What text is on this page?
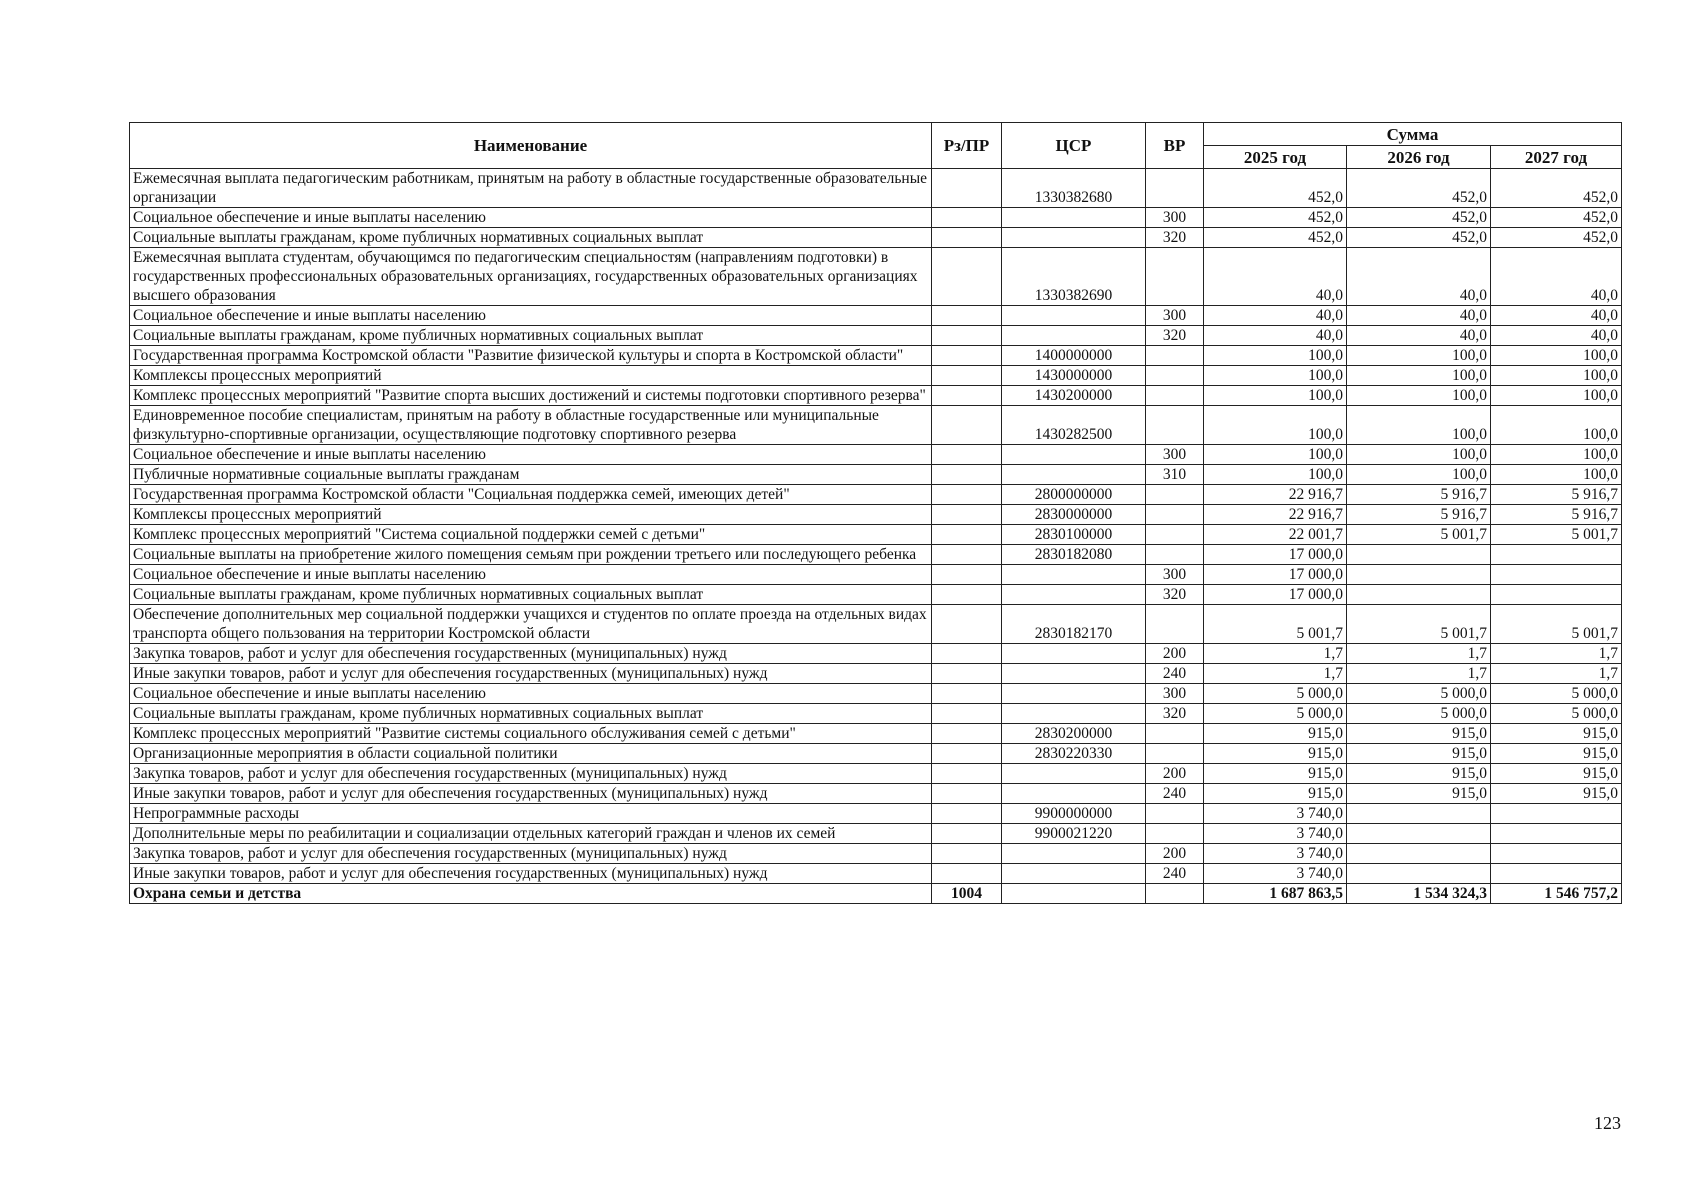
Наименование	Рз/ПР	ЦСР	ВР	Сумма		
				2025 год	2026 год	2027 год
Ежемесячная выплата педагогическим работникам, принятым на работу в областные государственные образовательные организации		1330382680		452,0	452,0	452,0
Социальное обеспечение и иные выплаты населению			300	452,0	452,0	452,0
Социальные выплаты гражданам, кроме публичных нормативных социальных выплат			320	452,0	452,0	452,0
Ежемесячная выплата студентам, обучающимся по педагогическим специальностям (направлениям подготовки) в государственных профессиональных образовательных организациях, государственных образовательных организациях высшего образования		1330382690		40,0	40,0	40,0
Социальное обеспечение и иные выплаты населению			300	40,0	40,0	40,0
Социальные выплаты гражданам, кроме публичных нормативных социальных выплат			320	40,0	40,0	40,0
Государственная программа Костромской области "Развитие физической культуры и спорта в Костромской области"		1400000000		100,0	100,0	100,0
Комплексы процессных мероприятий		1430000000		100,0	100,0	100,0
Комплекс процессных мероприятий "Развитие спорта высших достижений и системы подготовки спортивного резерва"		1430200000		100,0	100,0	100,0
Единовременное пособие специалистам, принятым на работу в областные государственные или муниципальные физкультурно-спортивные организации, осуществляющие подготовку спортивного резерва		1430282500		100,0	100,0	100,0
Социальное обеспечение и иные выплаты населению			300	100,0	100,0	100,0
Публичные нормативные социальные выплаты гражданам			310	100,0	100,0	100,0
Государственная программа Костромской области "Социальная поддержка семей, имеющих детей"		2800000000		22 916,7	5 916,7	5 916,7
Комплексы процессных мероприятий		2830000000		22 916,7	5 916,7	5 916,7
Комплекс процессных мероприятий "Система социальной поддержки семей с детьми"		2830100000		22 001,7	5 001,7	5 001,7
Социальные выплаты на приобретение жилого помещения семьям при рождении третьего или последующего ребенка		2830182080		17 000,0		
Социальное обеспечение и иные выплаты населению			300	17 000,0		
Социальные выплаты гражданам, кроме публичных нормативных социальных выплат			320	17 000,0		
Обеспечение дополнительных мер социальной поддержки учащихся и студентов по оплате проезда на отдельных видах транспорта общего пользования на территории Костромской области		2830182170		5 001,7	5 001,7	5 001,7
Закупка товаров, работ и услуг для обеспечения государственных (муниципальных) нужд			200	1,7	1,7	1,7
Иные закупки товаров, работ и услуг для обеспечения государственных (муниципальных) нужд			240	1,7	1,7	1,7
Социальное обеспечение и иные выплаты населению			300	5 000,0	5 000,0	5 000,0
Социальные выплаты гражданам, кроме публичных нормативных социальных выплат			320	5 000,0	5 000,0	5 000,0
Комплекс процессных мероприятий "Развитие системы социального обслуживания семей с детьми"		2830200000		915,0	915,0	915,0
Организационные мероприятия в области социальной политики		2830220330		915,0	915,0	915,0
Закупка товаров, работ и услуг для обеспечения государственных (муниципальных) нужд			200	915,0	915,0	915,0
Иные закупки товаров, работ и услуг для обеспечения государственных (муниципальных) нужд			240	915,0	915,0	915,0
Непрограммные расходы		9900000000		3 740,0		
Дополнительные меры по реабилитации и социализации отдельных категорий граждан и членов их семей		9900021220		3 740,0		
Закупка товаров, работ и услуг для обеспечения государственных (муниципальных) нужд			200	3 740,0		
Иные закупки товаров, работ и услуг для обеспечения государственных (муниципальных) нужд			240	3 740,0		
Охрана семьи и детства	1004			1 687 863,5	1 534 324,3	1 546 757,2
123
